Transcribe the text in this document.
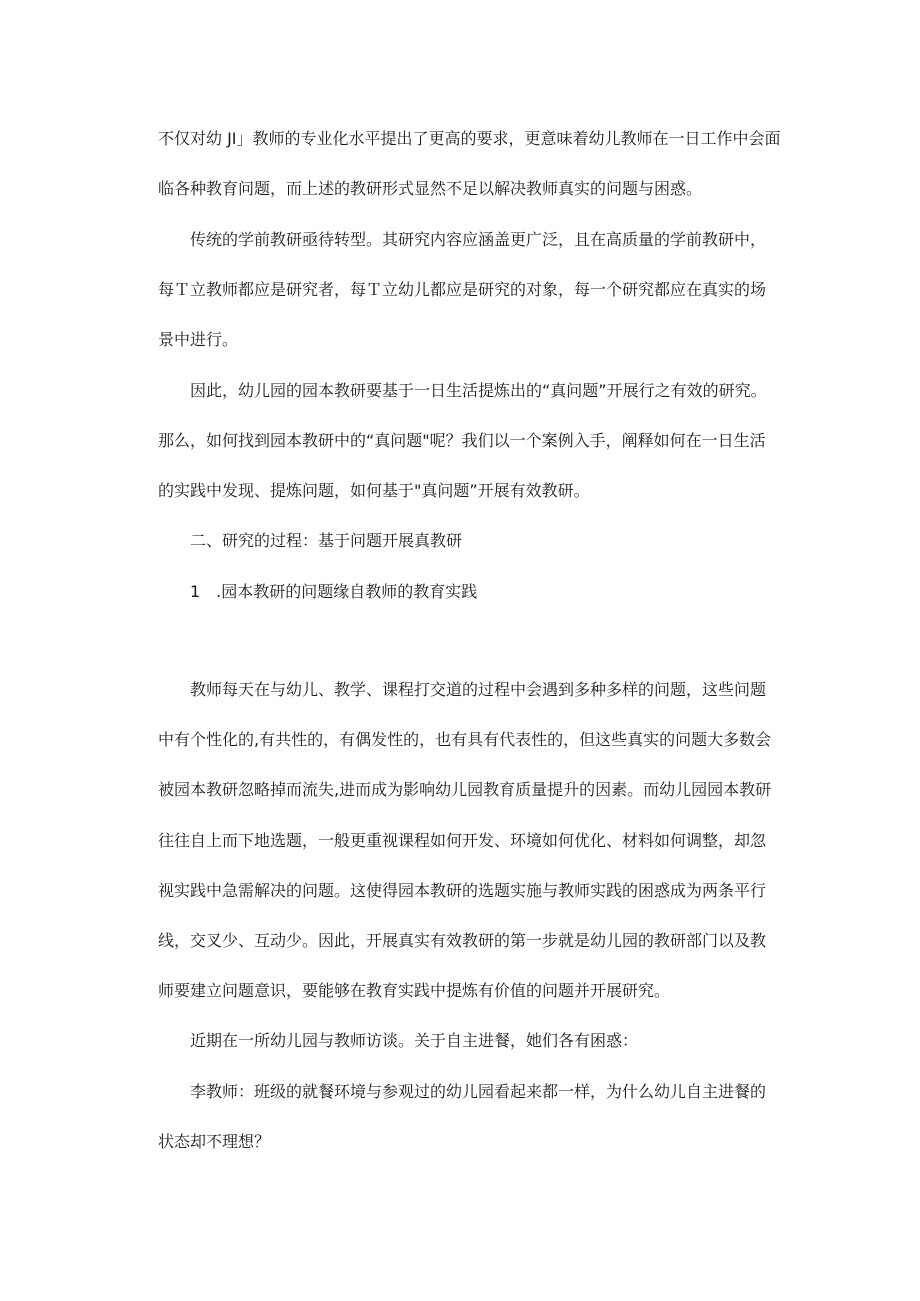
不仅对幼 JI」教师的专业化水平提出了更高的要求，更意味着幼儿教师在一日工作中会面
临各种教育问题，而上述的教研形式显然不足以解决教师真实的问题与困惑。
传统的学前教研亟待转型。其研究内容应涵盖更广泛，且在高质量的学前教研中，
每Ｔ立教师都应是研究者，每Ｔ立幼儿都应是研究的对象，每一个研究都应在真实的场
景中进行。
因此，幼儿园的园本教研要基于一日生活提炼出的“真问题”开展行之有效的研究。
那么，如何找到园本教研中的“真问题"呢？我们以一个案例入手，阐释如何在一日生活
的实践中发现、提炼问题，如何基于"真问题”开展有效教研。
二、研究的过程：基于问题开展真教研
1　.园本教研的问题缘自教师的教育实践
教师每天在与幼儿、教学、课程打交道的过程中会遇到多种多样的问题，这些问题
中有个性化的,有共性的，有偶发性的，也有具有代表性的，但这些真实的问题大多数会
被园本教研忽略掉而流失,进而成为影响幼儿园教育质量提升的因素。而幼儿园园本教研
往往自上而下地选题，一般更重视课程如何开发、环境如何优化、材料如何调整，却忽
视实践中急需解决的问题。这使得园本教研的选题实施与教师实践的困惑成为两条平行
线，交叉少、互动少。因此，开展真实有效教研的第一步就是幼儿园的教研部门以及教
师要建立问题意识，要能够在教育实践中提炼有价值的问题并开展研究。
近期在一所幼儿园与教师访谈。关于自主进餐，她们各有困惑：
李教师：班级的就餐环境与参观过的幼儿园看起来都一样，为什么幼儿自主进餐的
状态却不理想？
